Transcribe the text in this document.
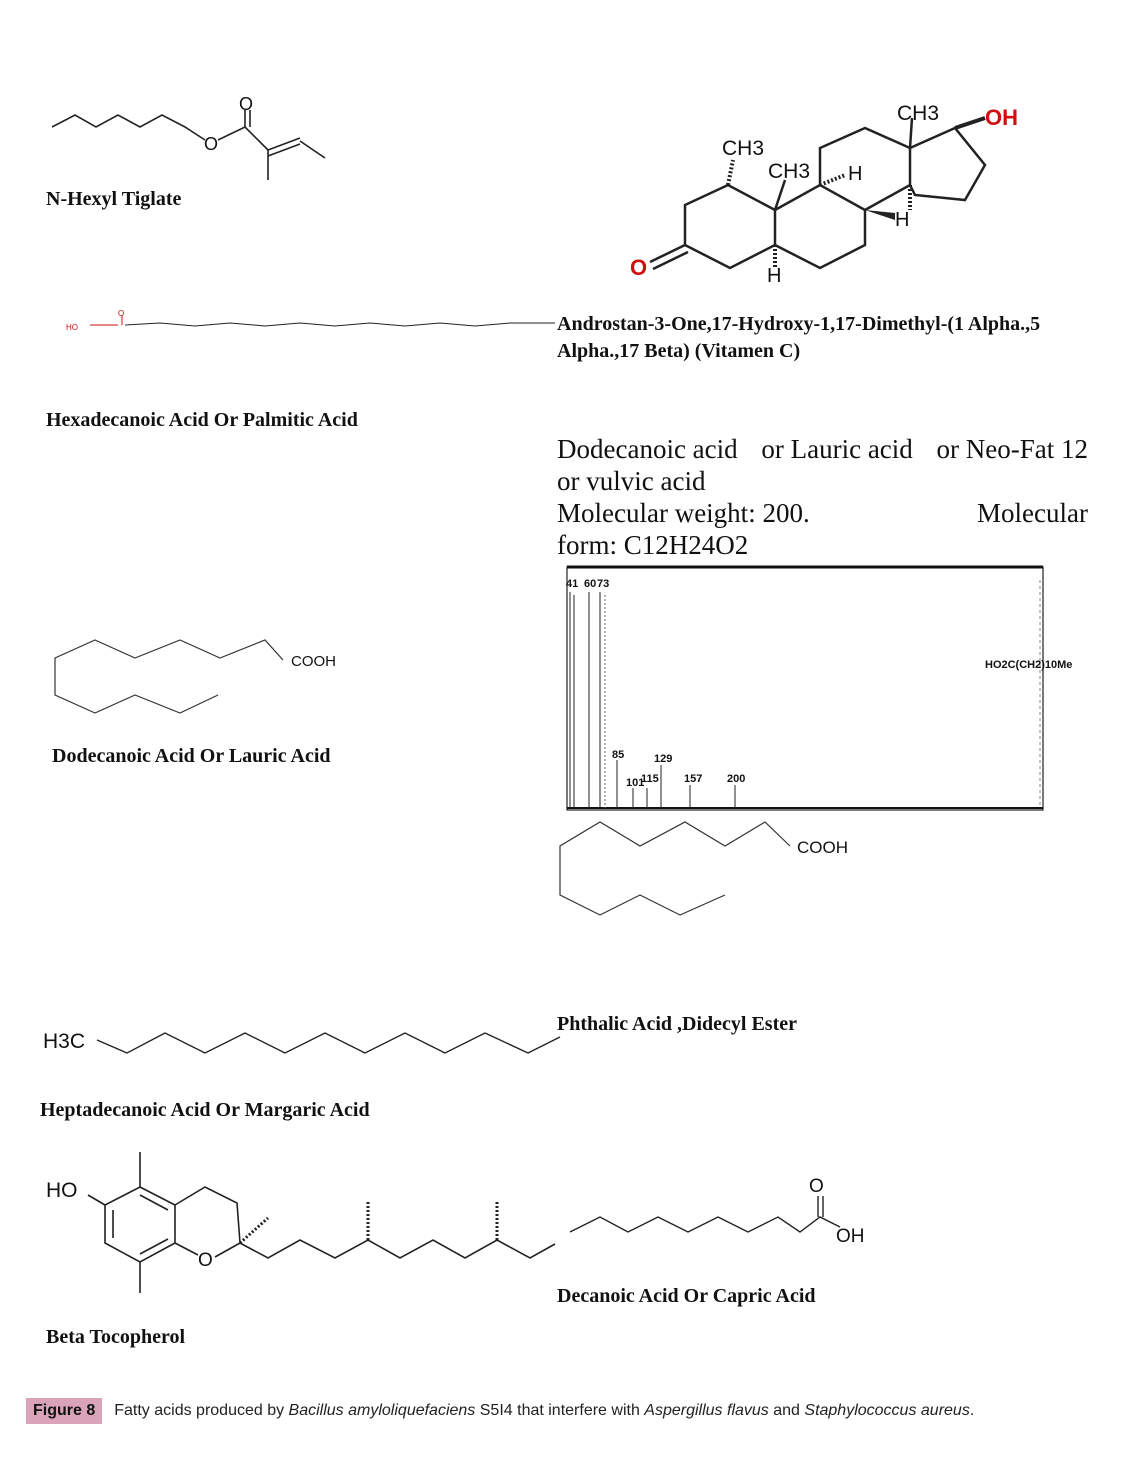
O
O
N-Hexyl Tiglate
OH
O
CH3
CH3
CH3
H
H
H
Androstan-3-One,17-Hydroxy-1,17-Dimethyl-(1 Alpha.,5
Alpha.,17 Beta) (Vitamen C)
HO
O
Hexadecanoic Acid Or Palmitic Acid
Dodecanoic acid or Lauric acid or Neo-Fat 12
or vulvic acid
Molecular weight: 200.	Molecular
form: C12H24O2
41 60 73
85
101
115
129
157 200
HO2C(CH2)10Me
COOH
Dodecanoic Acid Or Lauric Acid
COOH
Phthalic Acid ,Didecyl Ester
H3C
Heptadecanoic Acid Or Margaric Acid
HO
O
Beta Tocopherol
O
OH
Decanoic Acid Or Capric Acid
Figure 8	Fatty acids produced by Bacillus amyloliquefaciens S5I4 that interfere with Aspergillus flavus and Staphylococcus aureus.
